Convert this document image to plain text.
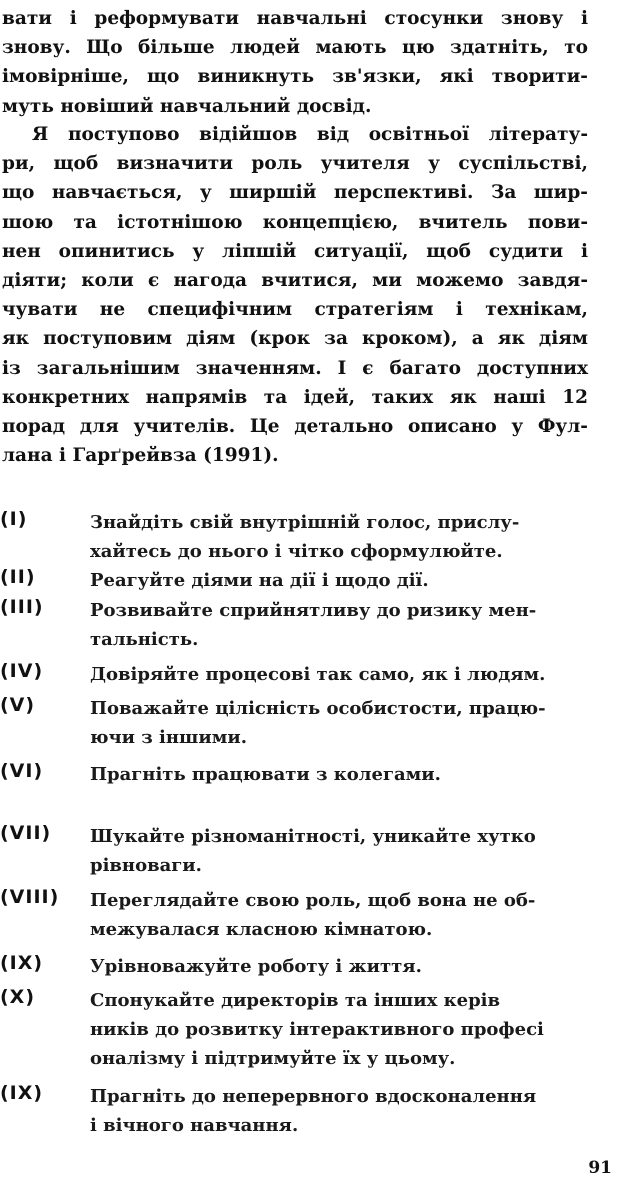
вати і реформувати навчальні стосунки знову і
знову. Що більше людей мають цю здатніть, то
імовірніше, що виникнуть зв'язки, які творити-
муть новіший навчальний досвід.
Я поступово відійшов від освітньої літерату-
ри, щоб визначити роль учителя у суспільстві,
що навчається, у ширшій перспективі. За шир-
шою та істотнішою концепцією, вчитель пови-
нен опинитись у ліпшій ситуації, щоб судити і
діяти; коли є нагода вчитися, ми можемо завдя-
чувати не специфічним стратегіям і технікам,
як поступовим діям (крок за кроком), а як діям
із загальнішим значенням. І є багато доступних
конкретних напрямів та ідей, таких як наші 12
порад для учителів. Це детально описано у Фул-
лана і Гарґрейвза (1991).
(I)	Знайдіть свій внутрішній голос, прислу-
хайтесь до нього і чітко сформулюйте.
(II)	Реагуйте діями на дії і щодо дії.
(III)	Розвивайте сприйнятливу до ризику мен-
тальність.
(IV)	Довіряйте процесові так само, як і людям.
(V)	Поважайте цілісність особистости, працю-
ючи з іншими.
(VI)	Прагніть працювати з колегами.
(VII) Шукайте різноманітності, уникайте хутко
рівноваги.
(VIII) Переглядайте свою роль, щоб вона не об-
межувалася класною кімнатою.
(IX)	Урівноважуйте роботу і життя.
(X)	Спонукайте директорів та інших керів
ників до розвитку інтерактивного професі
оналізму і підтримуйте їх у цьому.
(IX)	Прагніть до неперервного вдосконалення
і вічного навчання.
91
